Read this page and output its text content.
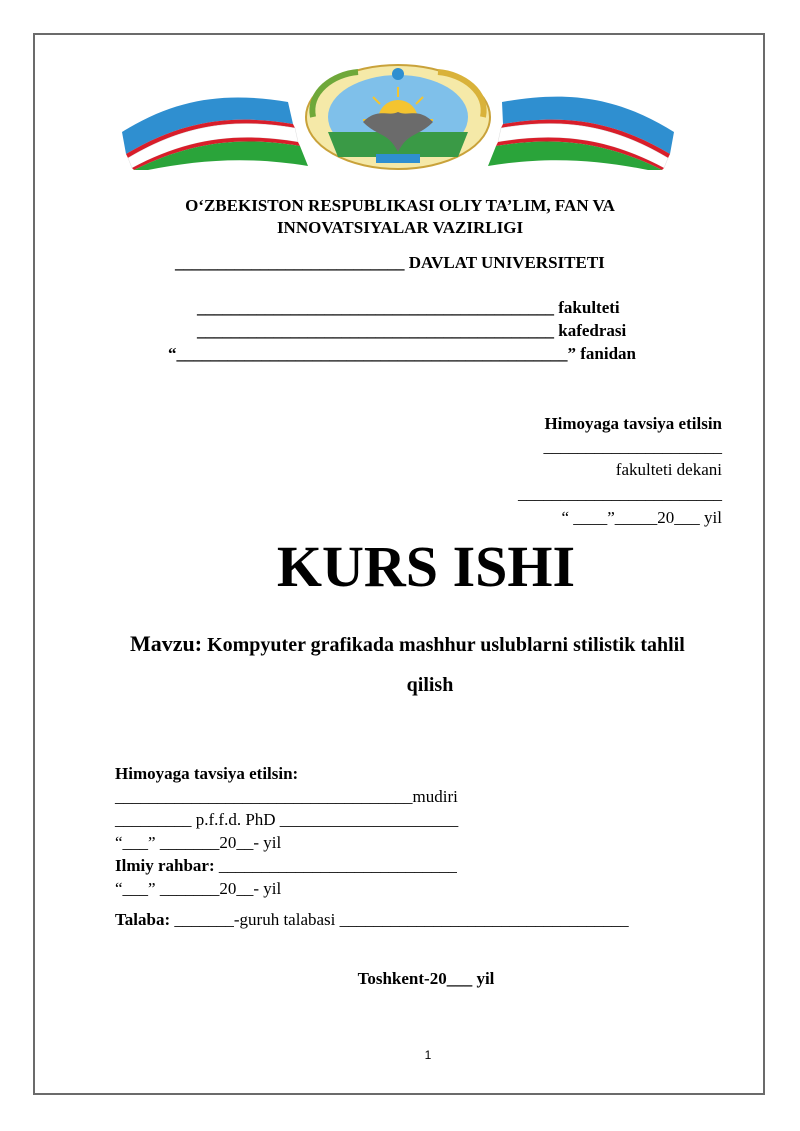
O‘ZBEKISTON RESPUBLIKASI OLIY TA’LIM, FAN VA
INNOVATSIYALAR VAZIRLIGI
___________________________ DAVLAT UNIVERSITETI
__________________________________________ fakulteti
__________________________________________ kafedrasi
“______________________________________________” fanidan
Himoyaga tavsiya etilsin
_____________________
fakulteti dekani
________________________
“ ____”_____20___ yil
KURS ISHI
Mavzu: Kompyuter grafikada mashhur uslublarni stilistik tahlil
qilish
Himoyaga tavsiya etilsin:
___________________________________mudiri
_________ p.f.f.d. PhD _____________________
“___” _______20__- yil
Ilmiy rahbar: ____________________________
“___” _______20__- yil
Talaba: _______-guruh talabasi __________________________________
Toshkent-20___ yil
1
